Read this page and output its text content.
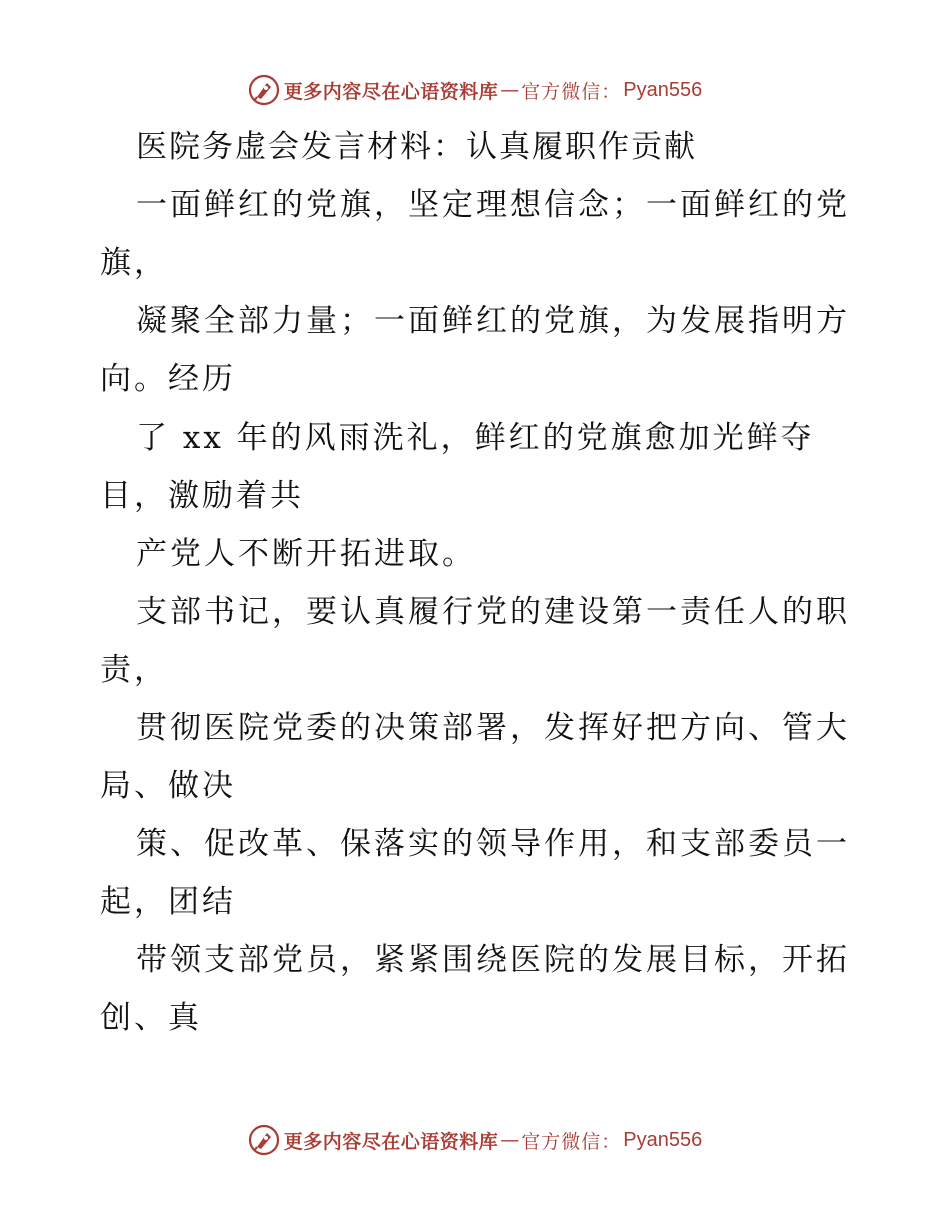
更多内容尽在心语资料库 — 官方微信： Pyan556
医院务虚会发言材料：认真履职作贡献
一面鲜红的党旗，坚定理想信念；一面鲜红的党
旗，
凝聚全部力量；一面鲜红的党旗，为发展指明方
向。经历
了 xx 年的风雨洗礼，鲜红的党旗愈加光鲜夺
目，激励着共
产党人不断开拓进取。
支部书记，要认真履行党的建设第一责任人的职
责，
贯彻医院党委的决策部署，发挥好把方向、管大
局、做决
策、促改革、保落实的领导作用，和支部委员一
起，团结
带领支部党员，紧紧围绕医院的发展目标，开拓
创、真
更多内容尽在心语资料库 — 官方微信： Pyan556
